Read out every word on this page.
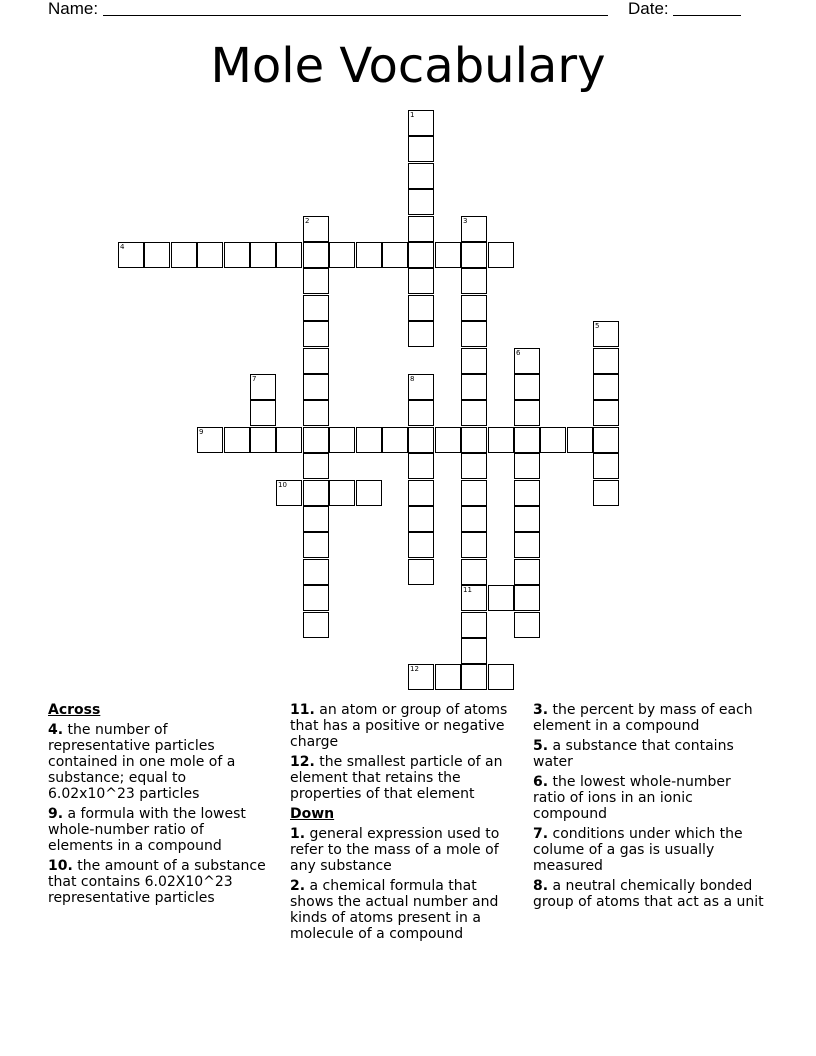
Name:	Date:
Mole Vocabulary
1
2	3
11
4
5
6
7	8
9
10
12
Across
4. the number of representative particles contained in one mole of a substance; equal to 6.02x10^23 particles
9. a formula with the lowest whole-number ratio of elements in a compound
10. the amount of a substance that contains 6.02X10^23 representative particles
11. an atom or group of atoms that has a positive or negative charge
12. the smallest particle of an element that retains the properties of that element
Down
1. general expression used to refer to the mass of a mole of any substance
2. a chemical formula that shows the actual number and kinds of atoms present in a molecule of a compound
3. the percent by mass of each element in a compound
5. a substance that contains water
6. the lowest whole-number ratio of ions in an ionic compound
7. conditions under which the colume of a gas is usually measured
8. a neutral chemically bonded group of atoms that act as a unit
